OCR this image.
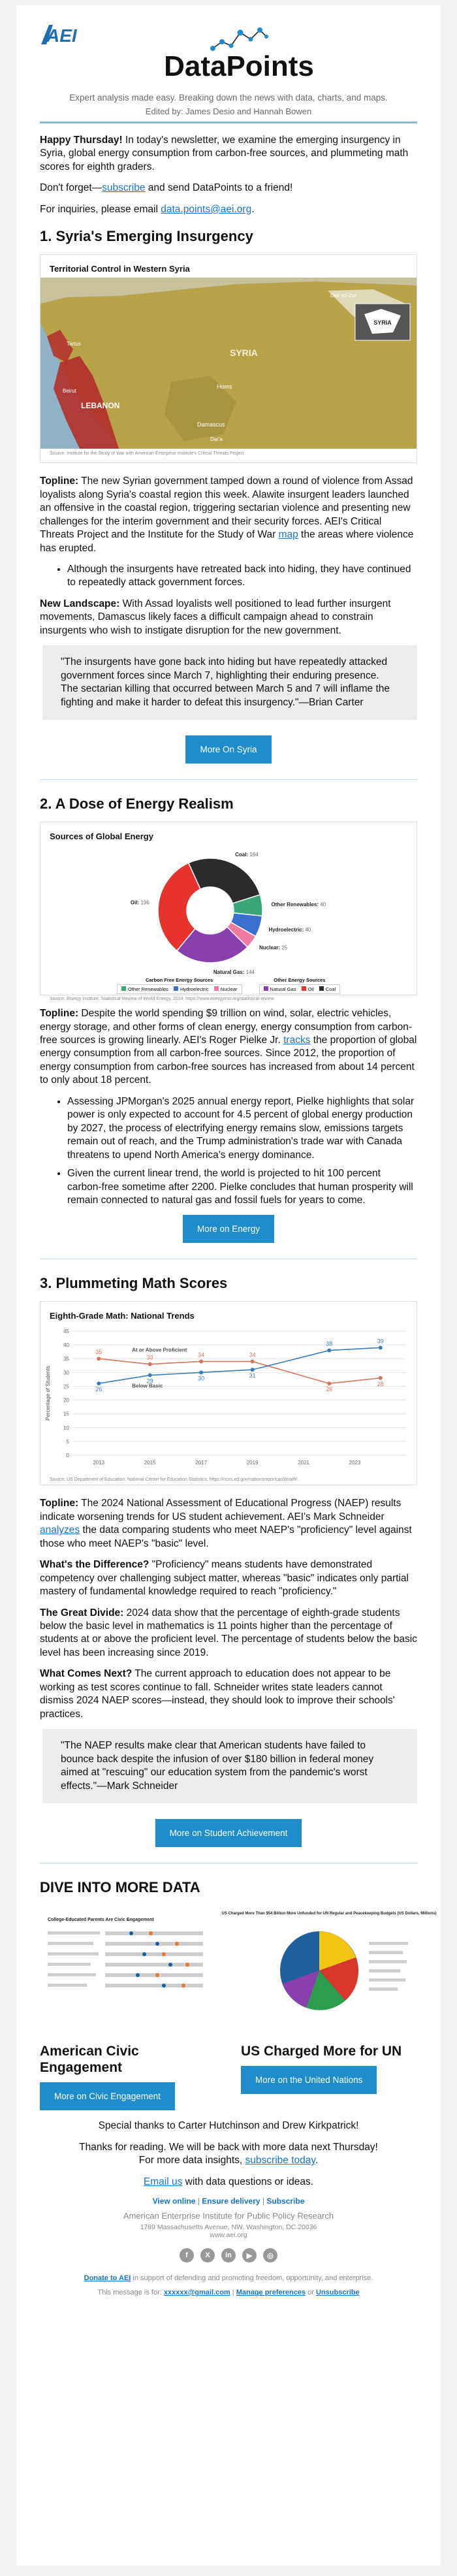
AEI
DataPoints
Expert analysis made easy. Breaking down the news with data, charts, and maps.
Edited by: James Desio and Hannah Bowen

Happy Thursday! In today's newsletter, we examine the emerging insurgency in Syria, global energy consumption from carbon-free sources, and plummeting math scores for eighth graders.

Don't forget—subscribe and send DataPoints to a friend!

For inquiries, please email data.points@aei.org.

1. Syria's Emerging Insurgency
Territorial Control in Western Syria
SYRIA
SYRIA
LEBANON
Homs
Damascus
Beirut
Tartus
Deir ez-Zor
Dar'a
Source: Institute for the Study of War with American Enterprise Institute's Critical Threats Project.

Topline: The new Syrian government tamped down a round of violence from Assad loyalists along Syria's coastal region this week. Alawite insurgent leaders launched an offensive in the coastal region, triggering sectarian violence and presenting new challenges for the interim government and their security forces. AEI's Critical Threats Project and the Institute for the Study of War map the areas where violence has erupted.

• Although the insurgents have retreated back into hiding, they have continued to repeatedly attack government forces.

New Landscape: With Assad loyalists well positioned to lead further insurgent movements, Damascus likely faces a difficult campaign ahead to constrain insurgents who wish to instigate disruption for the new government.

"The insurgents have gone back into hiding but have repeatedly attacked government forces since March 7, highlighting their enduring presence. The sectarian killing that occurred between March 5 and 7 will inflame the fighting and make it harder to defeat this insurgency."—Brian Carter
More On Syria
2. A Dose of Energy Realism
Sources of Global Energy
Oil: 196
Coal: 164
Other Renewables: 40
Hydroelectric: 40
Nuclear: 25
Natural Gas: 144
Carbon Free Energy Sources
Other Renewables	Hydroelectric	Nuclear
Other Energy Sources
Natural Gas	Oil	Coal
Source: Energy Institute, Statistical Review of World Energy, 2024, https://www.energyinst.org/statistical-review.

Topline: Despite the world spending $9 trillion on wind, solar, electric vehicles, energy storage, and other forms of clean energy, energy consumption from carbon-free sources is growing linearly. AEI's Roger Pielke Jr. tracks the proportion of global energy consumption from all carbon-free sources. Since 2012, the proportion of energy consumption from carbon-free sources has increased from about 14 percent to only about 18 percent.

• Assessing JPMorgan's 2025 annual energy report, Pielke highlights that solar power is only expected to account for 4.5 percent of global energy production by 2027, the process of electrifying energy remains slow, emissions targets remain out of reach, and the Trump administration's trade war with Canada threatens to upend North America's energy dominance.
• Given the current linear trend, the world is projected to hit 100 percent carbon-free sometime after 2200. Pielke concludes that human prosperity will remain connected to natural gas and fossil fuels for years to come.
More on Energy
3. Plummeting Math Scores
Eighth-Grade Math: National Trends
0
5
10
15
20
25
30
35
40
45
2013	2015	2017	2019	2021	2023
Percentage of Students
35
33	34	34
26
28
26
29	30	31
38	39
At or Above Proficient
Below Basic
Source: US Department of Education, National Center for Education Statistics, https://nces.ed.gov/nationsreportcard/math/.

Topline: The 2024 National Assessment of Educational Progress (NAEP) results indicate worsening trends for US student achievement. AEI's Mark Schneider analyzes the data comparing students who meet NAEP's "proficiency" level against those who meet NAEP's "basic" level.

What's the Difference? "Proficiency" means students have demonstrated competency over challenging subject matter, whereas "basic" indicates only partial mastery of fundamental knowledge required to reach "proficiency."

The Great Divide: 2024 data show that the percentage of eighth-grade students below the basic level in mathematics is 11 points higher than the percentage of students at or above the proficient level. The percentage of students below the basic level has been increasing since 2019.

What Comes Next? The current approach to education does not appear to be working as test scores continue to fall. Schneider writes state leaders cannot dismiss 2024 NAEP scores—instead, they should look to improve their schools' practices.

"The NAEP results make clear that American students have failed to bounce back despite the infusion of over $180 billion in federal money aimed at "rescuing" our education system from the pandemic's worst effects."—Mark Schneider
More on Student Achievement
DIVE INTO MORE DATA
College-Educated Parents Are Civic Engagement
American Civic Engagement
More on Civic Engagement
US Charged More Than $54 Billion More Unfunded for UN Regular and Peacekeeping Budgets (US Dollars, Millions)
US Charged More for UN
More on the United Nations

Special thanks to Carter Hutchinson and Drew Kirkpatrick!

Thanks for reading. We will be back with more data next Thursday!

For more data insights, subscribe today.

Email us with data questions or ideas.

View online | Ensure delivery | Subscribe
American Enterprise Institute for Public Policy Research
1789 Massachusetts Avenue, NW, Washington, DC 20036
www.aei.org
f	X	in	▶	◎
Donate to AEI in support of defending and promoting freedom, opportunity, and enterprise.
This message is for: xxxxxx@gmail.com | Manage preferences or Unsubscribe
